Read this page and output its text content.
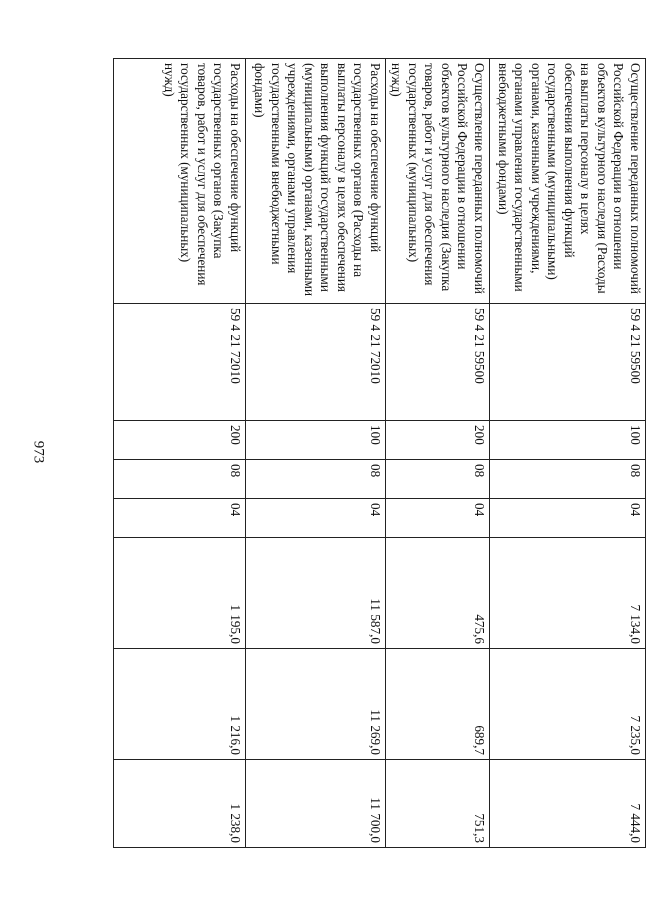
973
Осуществление переданных полномочий Российской Федерации в отношении объектов культурного наследия (Расходы на выплаты персоналу в целях обеспечения выполнения функций государственными (муниципальными) органами, казенными учреждениями, органами управления государственными внебюджетными фондами)	59 4 21 59500	100	08	04	7 134,0	7 235,0	7 444,0
Осуществление переданных полномочий Российской Федерации в отношении объектов культурного наследия (Закупка товаров, работ и услуг для обеспечения государственных (муниципальных) нужд)	59 4 21 59500	200	08	04	475,6	689,7	751,3
Расходы на обеспечение функций государственных органов (Расходы на выплаты персоналу в целях обеспечения выполнения функций государственными (муниципальными) органами, казенными учреждениями, органами управления государственными внебюджетными фондами)	59 4 21 72010	100	08	04	11 587,0	11 269,0	11 700,0
Расходы на обеспечение функций государственных органов (Закупка товаров, работ и услуг для обеспечения государственных (муниципальных) нужд)	59 4 21 72010	200	08	04	1 195,0	1 216,0	1 238,0
